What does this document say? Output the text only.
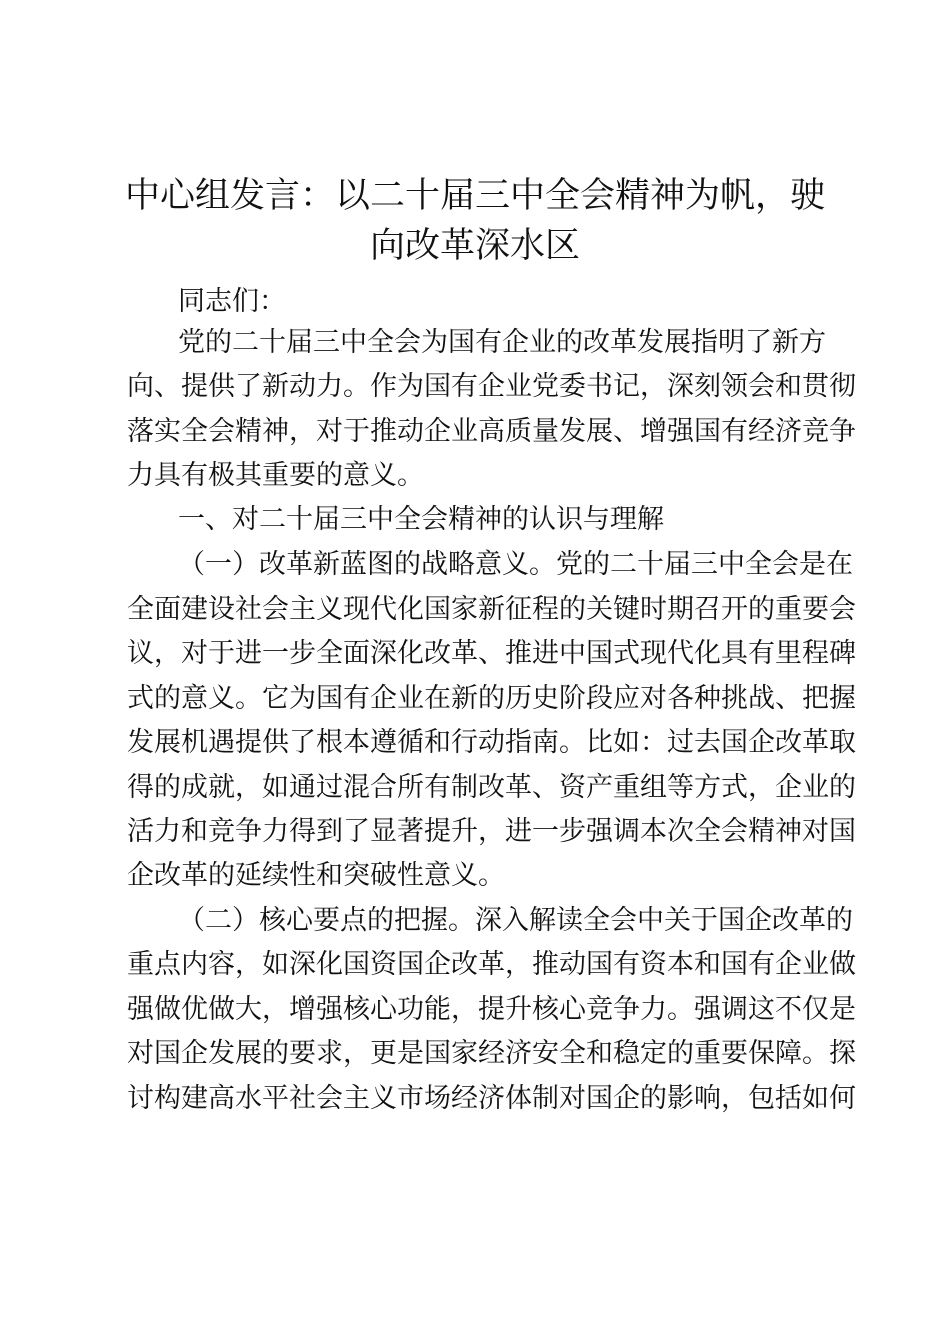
中心组发言：以二十届三中全会精神为帆，驶
向改革深水区
同志们：
党的二十届三中全会为国有企业的改革发展指明了新方
向、提供了新动力。作为国有企业党委书记，深刻领会和贯彻
落实全会精神，对于推动企业高质量发展、增强国有经济竞争
力具有极其重要的意义。
一、对二十届三中全会精神的认识与理解
（一）改革新蓝图的战略意义。党的二十届三中全会是在
全面建设社会主义现代化国家新征程的关键时期召开的重要会
议，对于进一步全面深化改革、推进中国式现代化具有里程碑
式的意义。它为国有企业在新的历史阶段应对各种挑战、把握
发展机遇提供了根本遵循和行动指南。比如：过去国企改革取
得的成就，如通过混合所有制改革、资产重组等方式，企业的
活力和竞争力得到了显著提升，进一步强调本次全会精神对国
企改革的延续性和突破性意义。
（二）核心要点的把握。深入解读全会中关于国企改革的
重点内容，如深化国资国企改革，推动国有资本和国有企业做
强做优做大，增强核心功能，提升核心竞争力。强调这不仅是
对国企发展的要求，更是国家经济安全和稳定的重要保障。探
讨构建高水平社会主义市场经济体制对国企的影响，包括如何
